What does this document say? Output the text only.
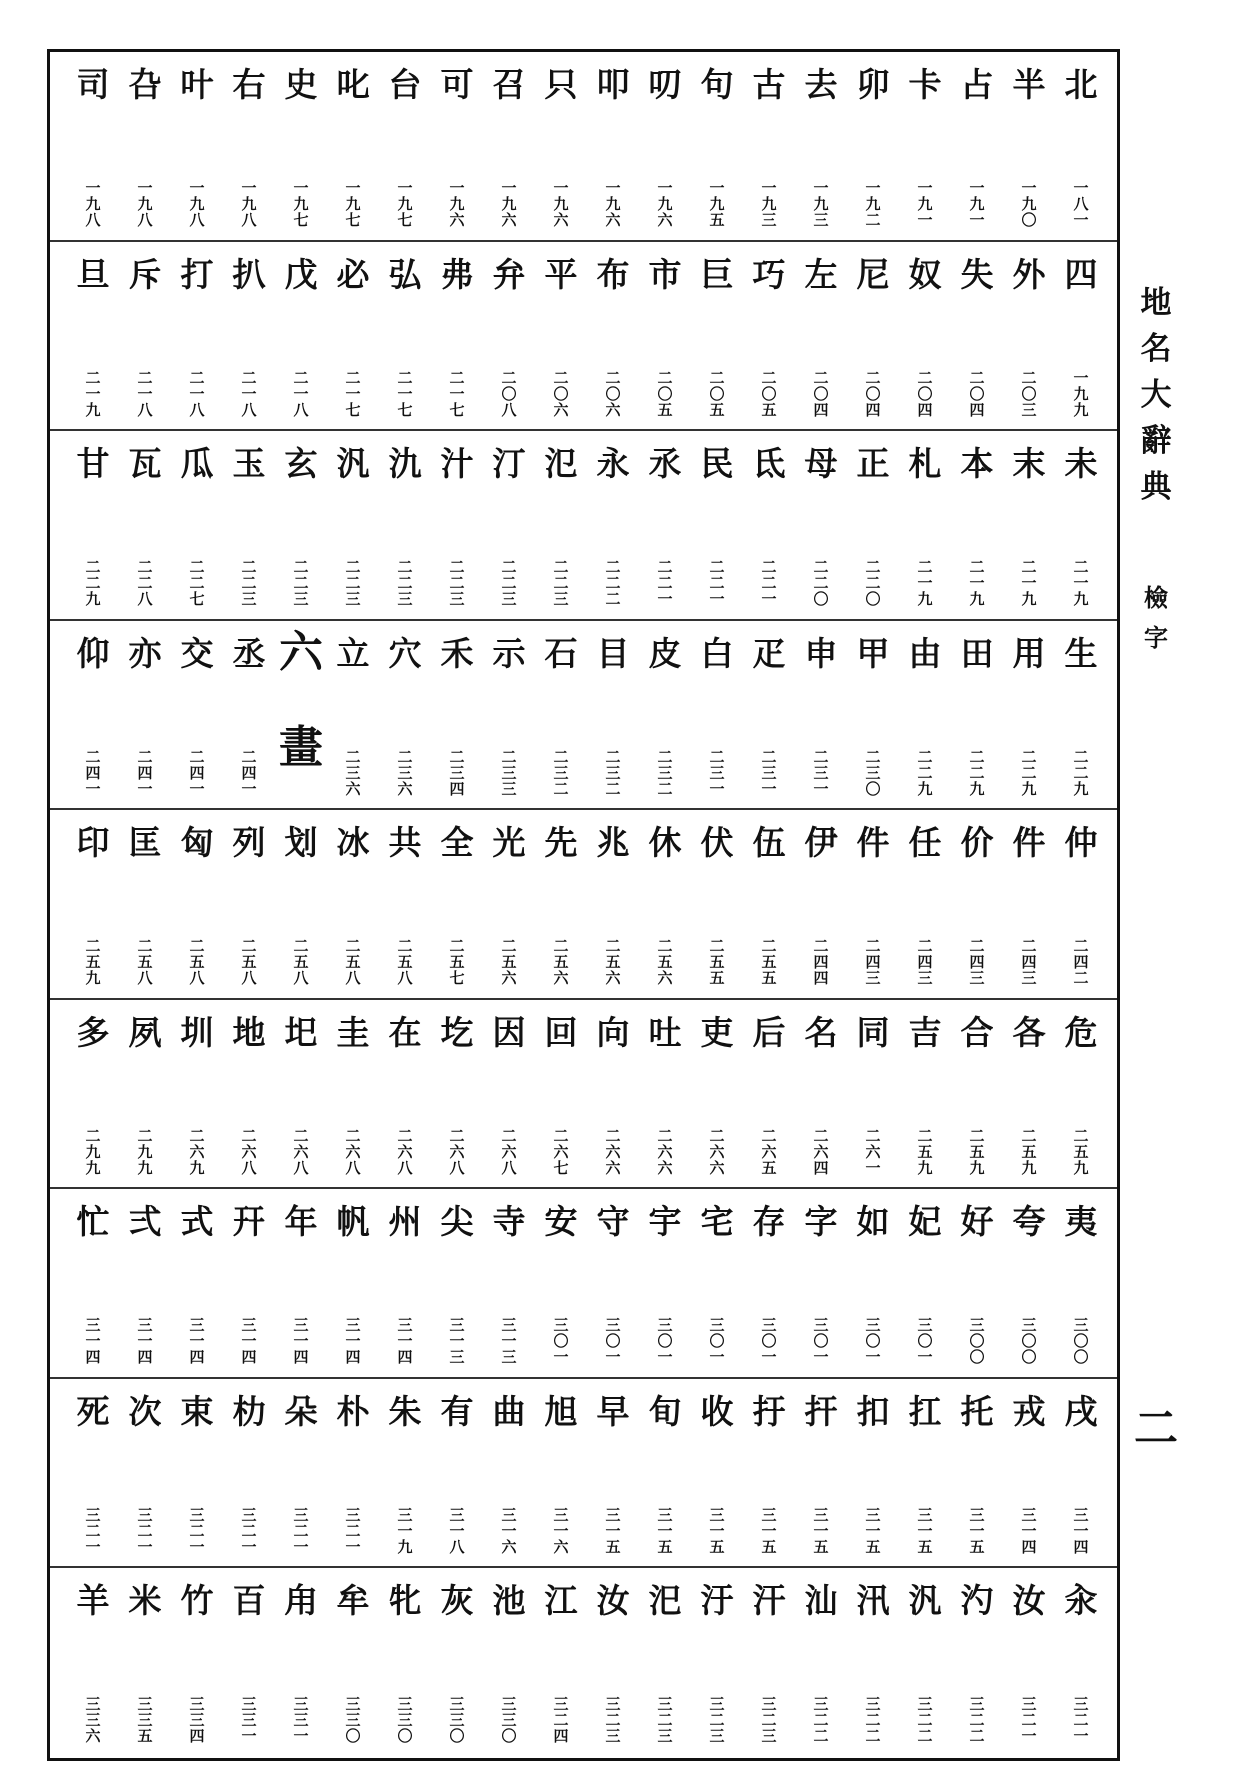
北
一八一
半
一九〇
占
一九一
卡
一九一
卯
一九二
去
一九三
古
一九三
句
一九五
叨
一九六
叩
一九六
只
一九六
召
一九六
可
一九六
台
一九七
叱
一九七
史
一九七
右
一九八
叶
一九八
叴
一九八
司
一九八
四
一九九
外
二〇三
失
二〇四
奴
二〇四
尼
二〇四
左
二〇四
巧
二〇五
巨
二〇五
市
二〇五
布
二〇六
平
二〇六
弁
二〇八
弗
二一七
弘
二一七
必
二一七
戊
二一八
扒
二一八
打
二一八
斥
二一八
旦
二一九
未
二一九
末
二一九
本
二一九
札
二一九
正
二二〇
母
二二〇
氐
二二一
民
二二一
氶
二二一
永
二二二
氾
二二三
汀
二二三
汁
二二三
氿
二二三
汎
二二三
玄
二二三
玉
二二三
瓜
二二七
瓦
二二八
甘
二二九
生
二二九
用
二二九
田
二二九
由
二二九
甲
二三〇
申
二三一
疋
二三一
白
二三一
皮
二三二
目
二三二
石
二三二
示
二三三
禾
二三四
穴
二三六
立
二三六
六
畫
丞
二四一
交
二四一
亦
二四一
仰
二四一
仲
二四二
件
二四三
价
二四三
任
二四三
件
二四三
伊
二四四
伍
二五五
伏
二五五
休
二五六
兆
二五六
先
二五六
光
二五六
全
二五七
共
二五八
冰
二五八
划
二五八
列
二五八
匈
二五八
匡
二五八
印
二五九
危
二五九
各
二五九
合
二五九
吉
二五九
同
二六一
名
二六四
后
二六五
吏
二六六
吐
二六六
向
二六六
回
二六七
因
二六八
圪
二六八
在
二六八
圭
二六八
圯
二六八
地
二六八
圳
二六九
夙
二九九
多
二九九
夷
三〇〇
夸
三〇〇
好
三〇〇
妃
三〇一
如
三〇一
字
三〇一
存
三〇一
宅
三〇一
宇
三〇一
守
三〇一
安
三〇一
寺
三一三
尖
三一三
州
三一四
帆
三一四
年
三一四
幵
三一四
式
三一四
弍
三一四
忙
三一四
戌
三一四
戎
三一四
托
三一五
扛
三一五
扣
三一五
扞
三一五
扜
三一五
收
三一五
旬
三一五
早
三一五
旭
三一六
曲
三一六
有
三一八
朱
三一九
朴
三二一
朵
三二一
朸
三二一
束
三二一
次
三二一
死
三二一
汆
三二一
汝
三二一
汋
三二二
汎
三二二
汛
三二二
汕
三二二
汗
三二三
汙
三二三
汜
三二三
汝
三二三
江
三二四
池
三三〇
灰
三三〇
牝
三三〇
牟
三三〇
甪
三三一
百
三三一
竹
三三四
米
三三五
羊
三三六
地名大辭典
檢字
二
